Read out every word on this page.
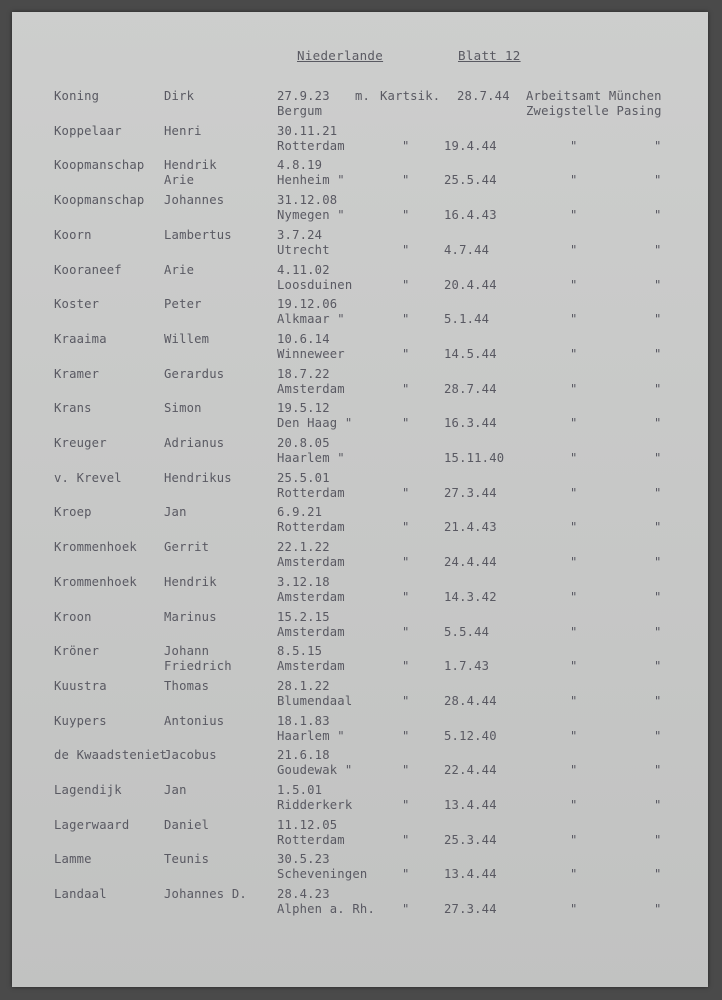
Niederlande	Blatt 12
Koning	Dirk	27.9.23
Bergum
m. Kartsik. 28.7.44
Zweigstelle Pasing
Arbeitsamt München
Koppelaar	Henri	30.11.21
Rotterdam	"	19.4.44	"	"
Koopmanschap Hendrik
Arie
4.8.19
Henheim "	"	25.5.44	"	"
Koopmanschap Johannes	31.12.08
Nymegen "	"	16.4.43	"	"
Koorn	Lambertus	3.7.24
Utrecht	"	4.7.44	"	"
Kooraneef	Arie	4.11.02
Loosduinen	"	20.4.44	"	"
Koster	Peter	19.12.06
Alkmaar "	"	5.1.44	"	"
Kraaima	Willem	10.6.14
Winneweer	"	14.5.44	"	"
Kramer	Gerardus	18.7.22
Amsterdam	"	28.7.44	"	"
Krans	Simon	19.5.12
Den Haag "	"	16.3.44	"	"
Kreuger	Adrianus	20.8.05
Haarlem "	15.11.40	"	"
v. Krevel	Hendrikus	25.5.01
Rotterdam	"	27.3.44	"	"
Kroep	Jan	6.9.21
Rotterdam	"	21.4.43	"	"
Krommenhoek Gerrit	22.1.22
Amsterdam	"	24.4.44	"	"
Krommenhoek Hendrik	3.12.18
Amsterdam	"	14.3.42	"	"
Kroon	Marinus	15.2.15
Amsterdam	"	5.5.44	"	"
Kröner	Johann
Friedrich
8.5.15
Amsterdam	"	1.7.43	"	"
Kuustra	Thomas	28.1.22
Blumendaal	"	28.4.44	"	"
Kuypers	Antonius	18.1.83
Haarlem "	"	5.12.40	"	"
de Kwaadsteniet
Jacobus	21.6.18
Goudewak "	"	22.4.44	"	"
Lagendijk	Jan	1.5.01
Ridderkerk	"	13.4.44	"	"
Lagerwaard	Daniel	11.12.05
Rotterdam	"	25.3.44	"	"
Lamme	Teunis	30.5.23
Scheveningen	"	13.4.44	"	"
Landaal	Johannes D. 28.4.23
Alphen a. Rh. "	27.3.44	"	"
